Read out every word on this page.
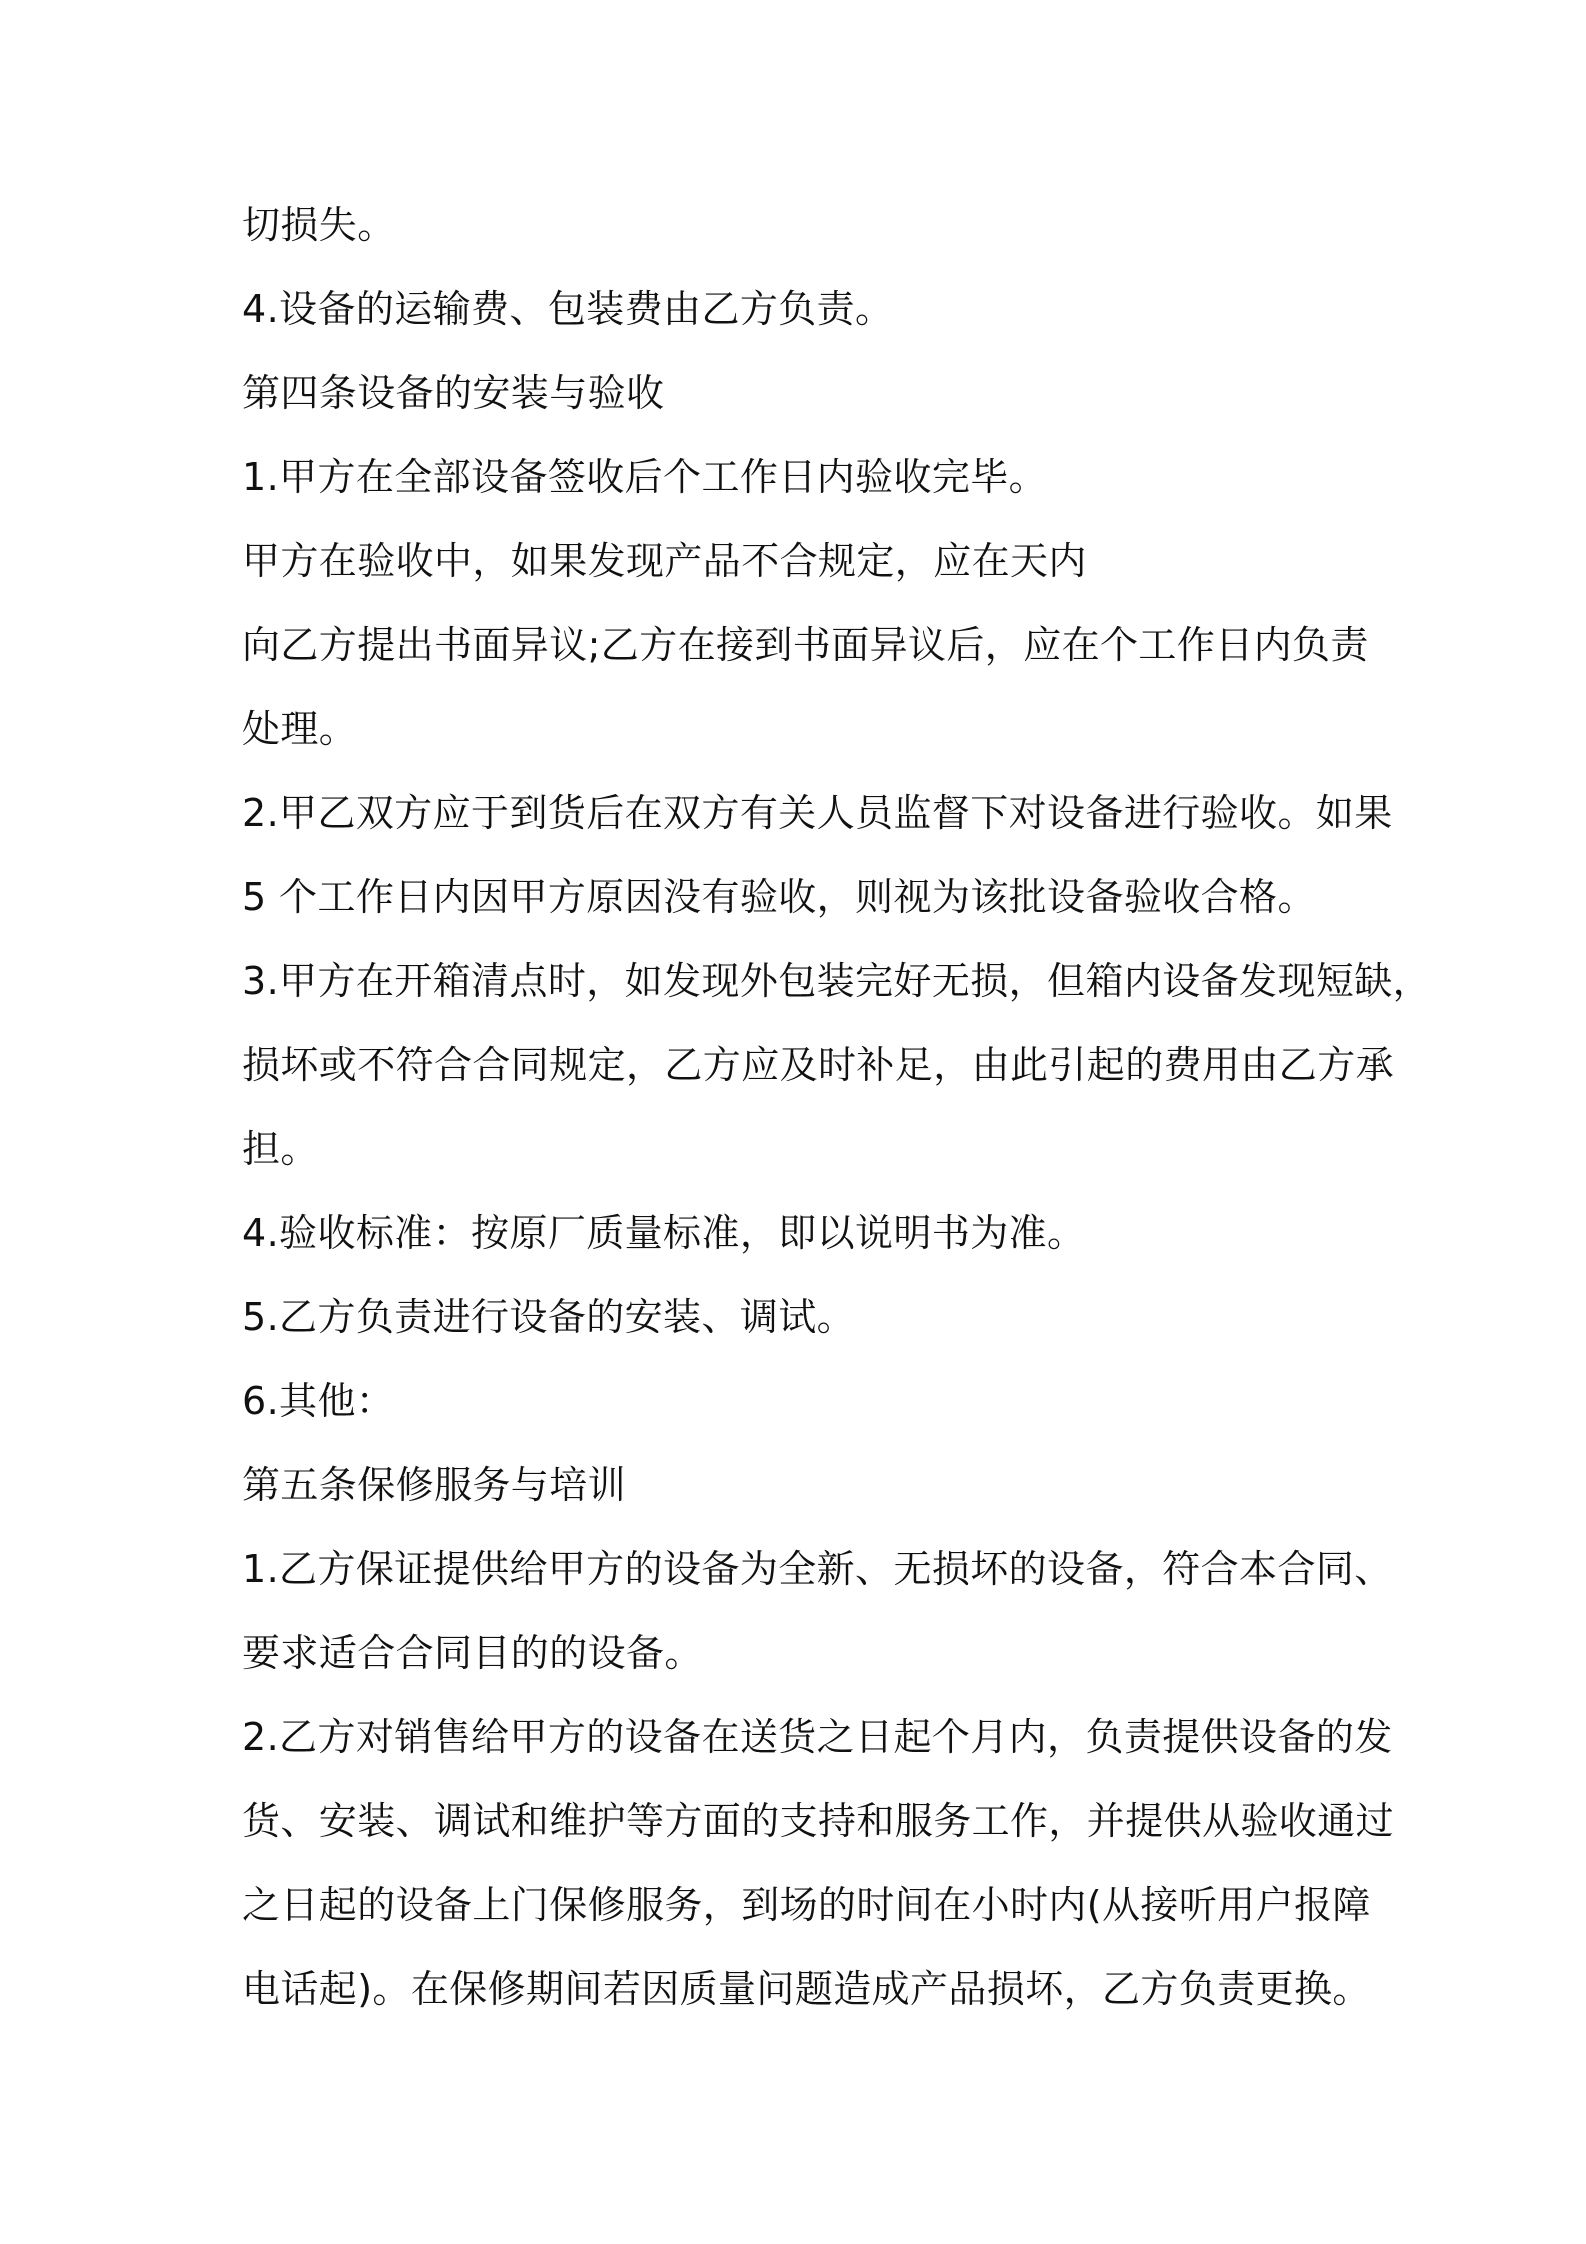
切损失。
4.设备的运输费、包装费由乙方负责。
第四条设备的安装与验收
1.甲方在全部设备签收后个工作日内验收完毕。
甲方在验收中，如果发现产品不合规定，应在天内
向乙方提出书面异议;乙方在接到书面异议后，应在个工作日内负责
处理。
2.甲乙双方应于到货后在双方有关人员监督下对设备进行验收。如果
5 个工作日内因甲方原因没有验收，则视为该批设备验收合格。
3.甲方在开箱清点时，如发现外包装完好无损，但箱内设备发现短缺，
损坏或不符合合同规定，乙方应及时补足，由此引起的费用由乙方承
担。
4.验收标准：按原厂质量标准，即以说明书为准。
5.乙方负责进行设备的安装、调试。
6.其他：
第五条保修服务与培训
1.乙方保证提供给甲方的设备为全新、无损坏的设备，符合本合同、
要求适合合同目的的设备。
2.乙方对销售给甲方的设备在送货之日起个月内，负责提供设备的发
货、安装、调试和维护等方面的支持和服务工作，并提供从验收通过
之日起的设备上门保修服务，到场的时间在小时内(从接听用户报障
电话起)。在保修期间若因质量问题造成产品损坏，乙方负责更换。
